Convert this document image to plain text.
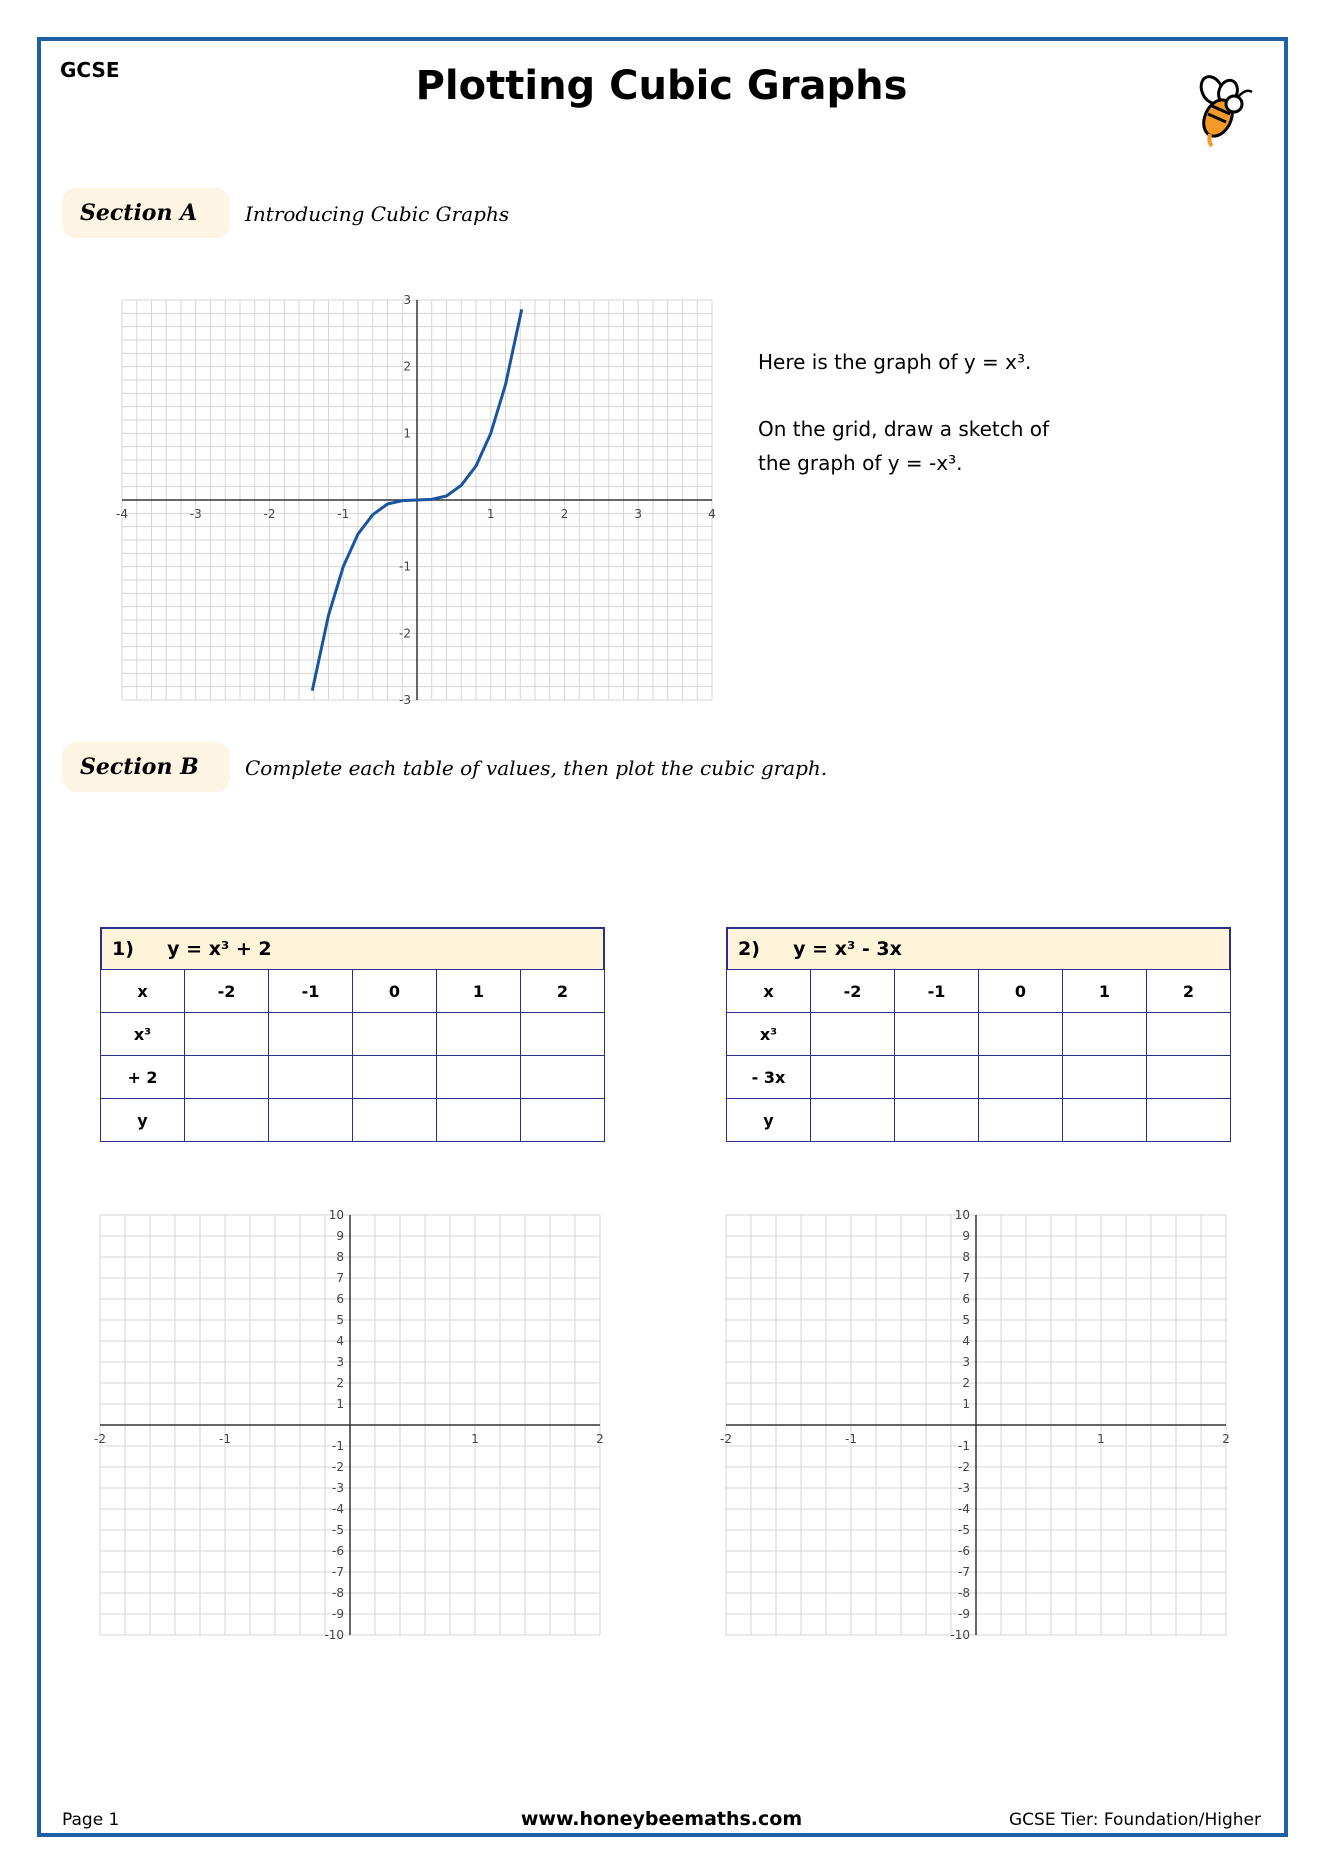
GCSE	Plotting Cubic Graphs
Section A	Introducing Cubic Graphs
-4	-3	-2	-1	1	2	3	4
3
2
1
-1
-2
-3

Here is the graph of y = x³.

On the grid, draw a sketch of
the graph of y = -x³.
Section B	Complete each table of values, then plot the cubic graph.
1) y = x³ + 2
x	-2	-1	0	1	2
x³					
+ 2					
y					
2) y = x³ - 3x
x	-2	-1	0	1	2
x³					
- 3x					
y					
-2	-1	1	2
10
9
8
7
6
5
4
3
2
1
-1
-2
-3
-4
-5
-6
-7
-8
-9
-10
-2	-1	1	2
10
9
8
7
6
5
4
3
2
1
-1
-2
-3
-4
-5
-6
-7
-8
-9
-10
Page 1	www.honeybeemaths.com	GCSE Tier: Foundation/Higher
